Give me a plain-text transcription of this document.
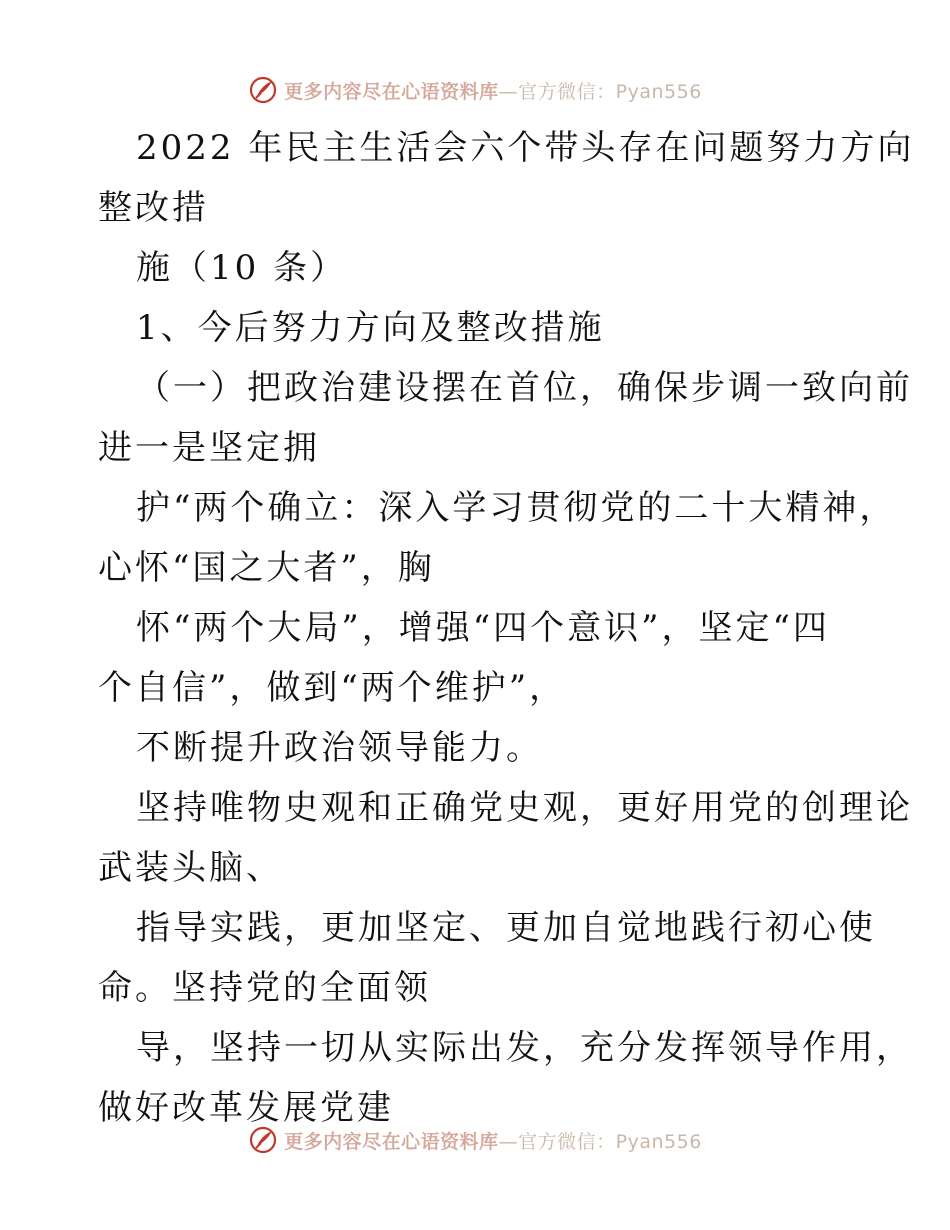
更多内容尽在心语资料库—官方微信：Pyan556
2022 年民主生活会六个带头存在问题努力方向
整改措
施（10 条）
1、今后努力方向及整改措施
（一）把政治建设摆在首位，确保步调一致向前
进一是坚定拥
护“两个确立：深入学习贯彻党的二十大精神，
心怀“国之大者”，胸
怀“两个大局”，增强“四个意识”，坚定“四
个自信”，做到“两个维护”，
不断提升政治领导能力。
坚持唯物史观和正确党史观，更好用党的创理论
武装头脑、
指导实践，更加坚定、更加自觉地践行初心使
命。坚持党的全面领
导，坚持一切从实际出发，充分发挥领导作用，
做好改革发展党建
更多内容尽在心语资料库—官方微信：Pyan556
